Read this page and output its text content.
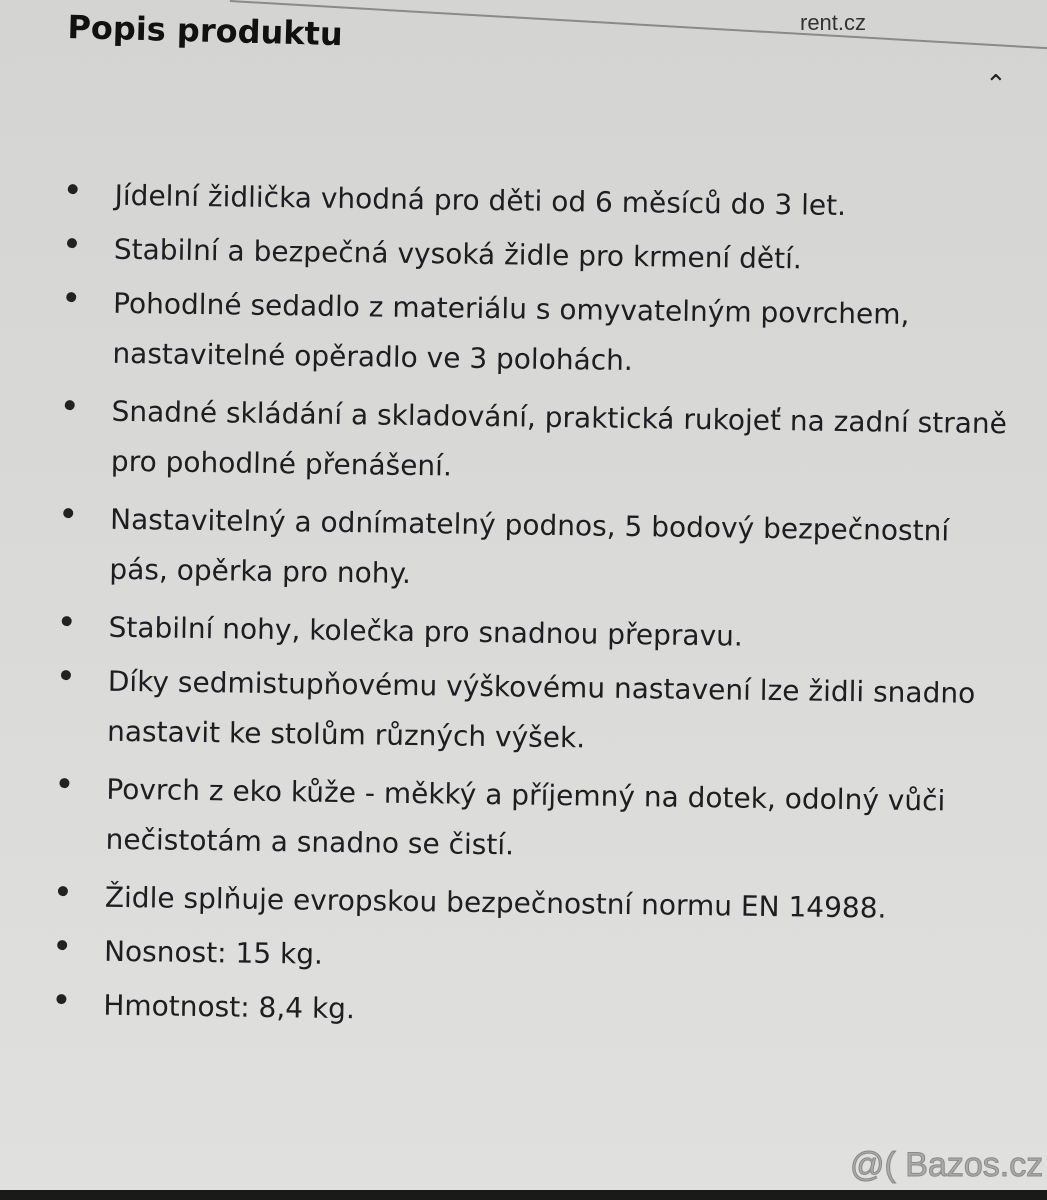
Popis produktu	rent.cz
⌃
Jídelní židlička vhodná pro děti od 6 měsíců do 3 let.
Stabilní a bezpečná vysoká židle pro krmení dětí.
Pohodlné sedadlo z materiálu s omyvatelným povrchem, nastavitelné opěradlo ve 3 polohách.
Snadné skládání a skladování, praktická rukojeť na zadní straně pro pohodlné přenášení.
Nastavitelný a odnímatelný podnos, 5 bodový bezpečnostní pás, opěrka pro nohy.
Stabilní nohy, kolečka pro snadnou přepravu.
Díky sedmistupňovému výškovému nastavení lze židli snadno nastavit ke stolům různých výšek.
Povrch z eko kůže - měkký a příjemný na dotek, odolný vůči nečistotám a snadno se čistí.
Židle splňuje evropskou bezpečnostní normu EN 14988.
Nosnost: 15 kg.
Hmotnost: 8,4 kg.
@( Bazos.cz
